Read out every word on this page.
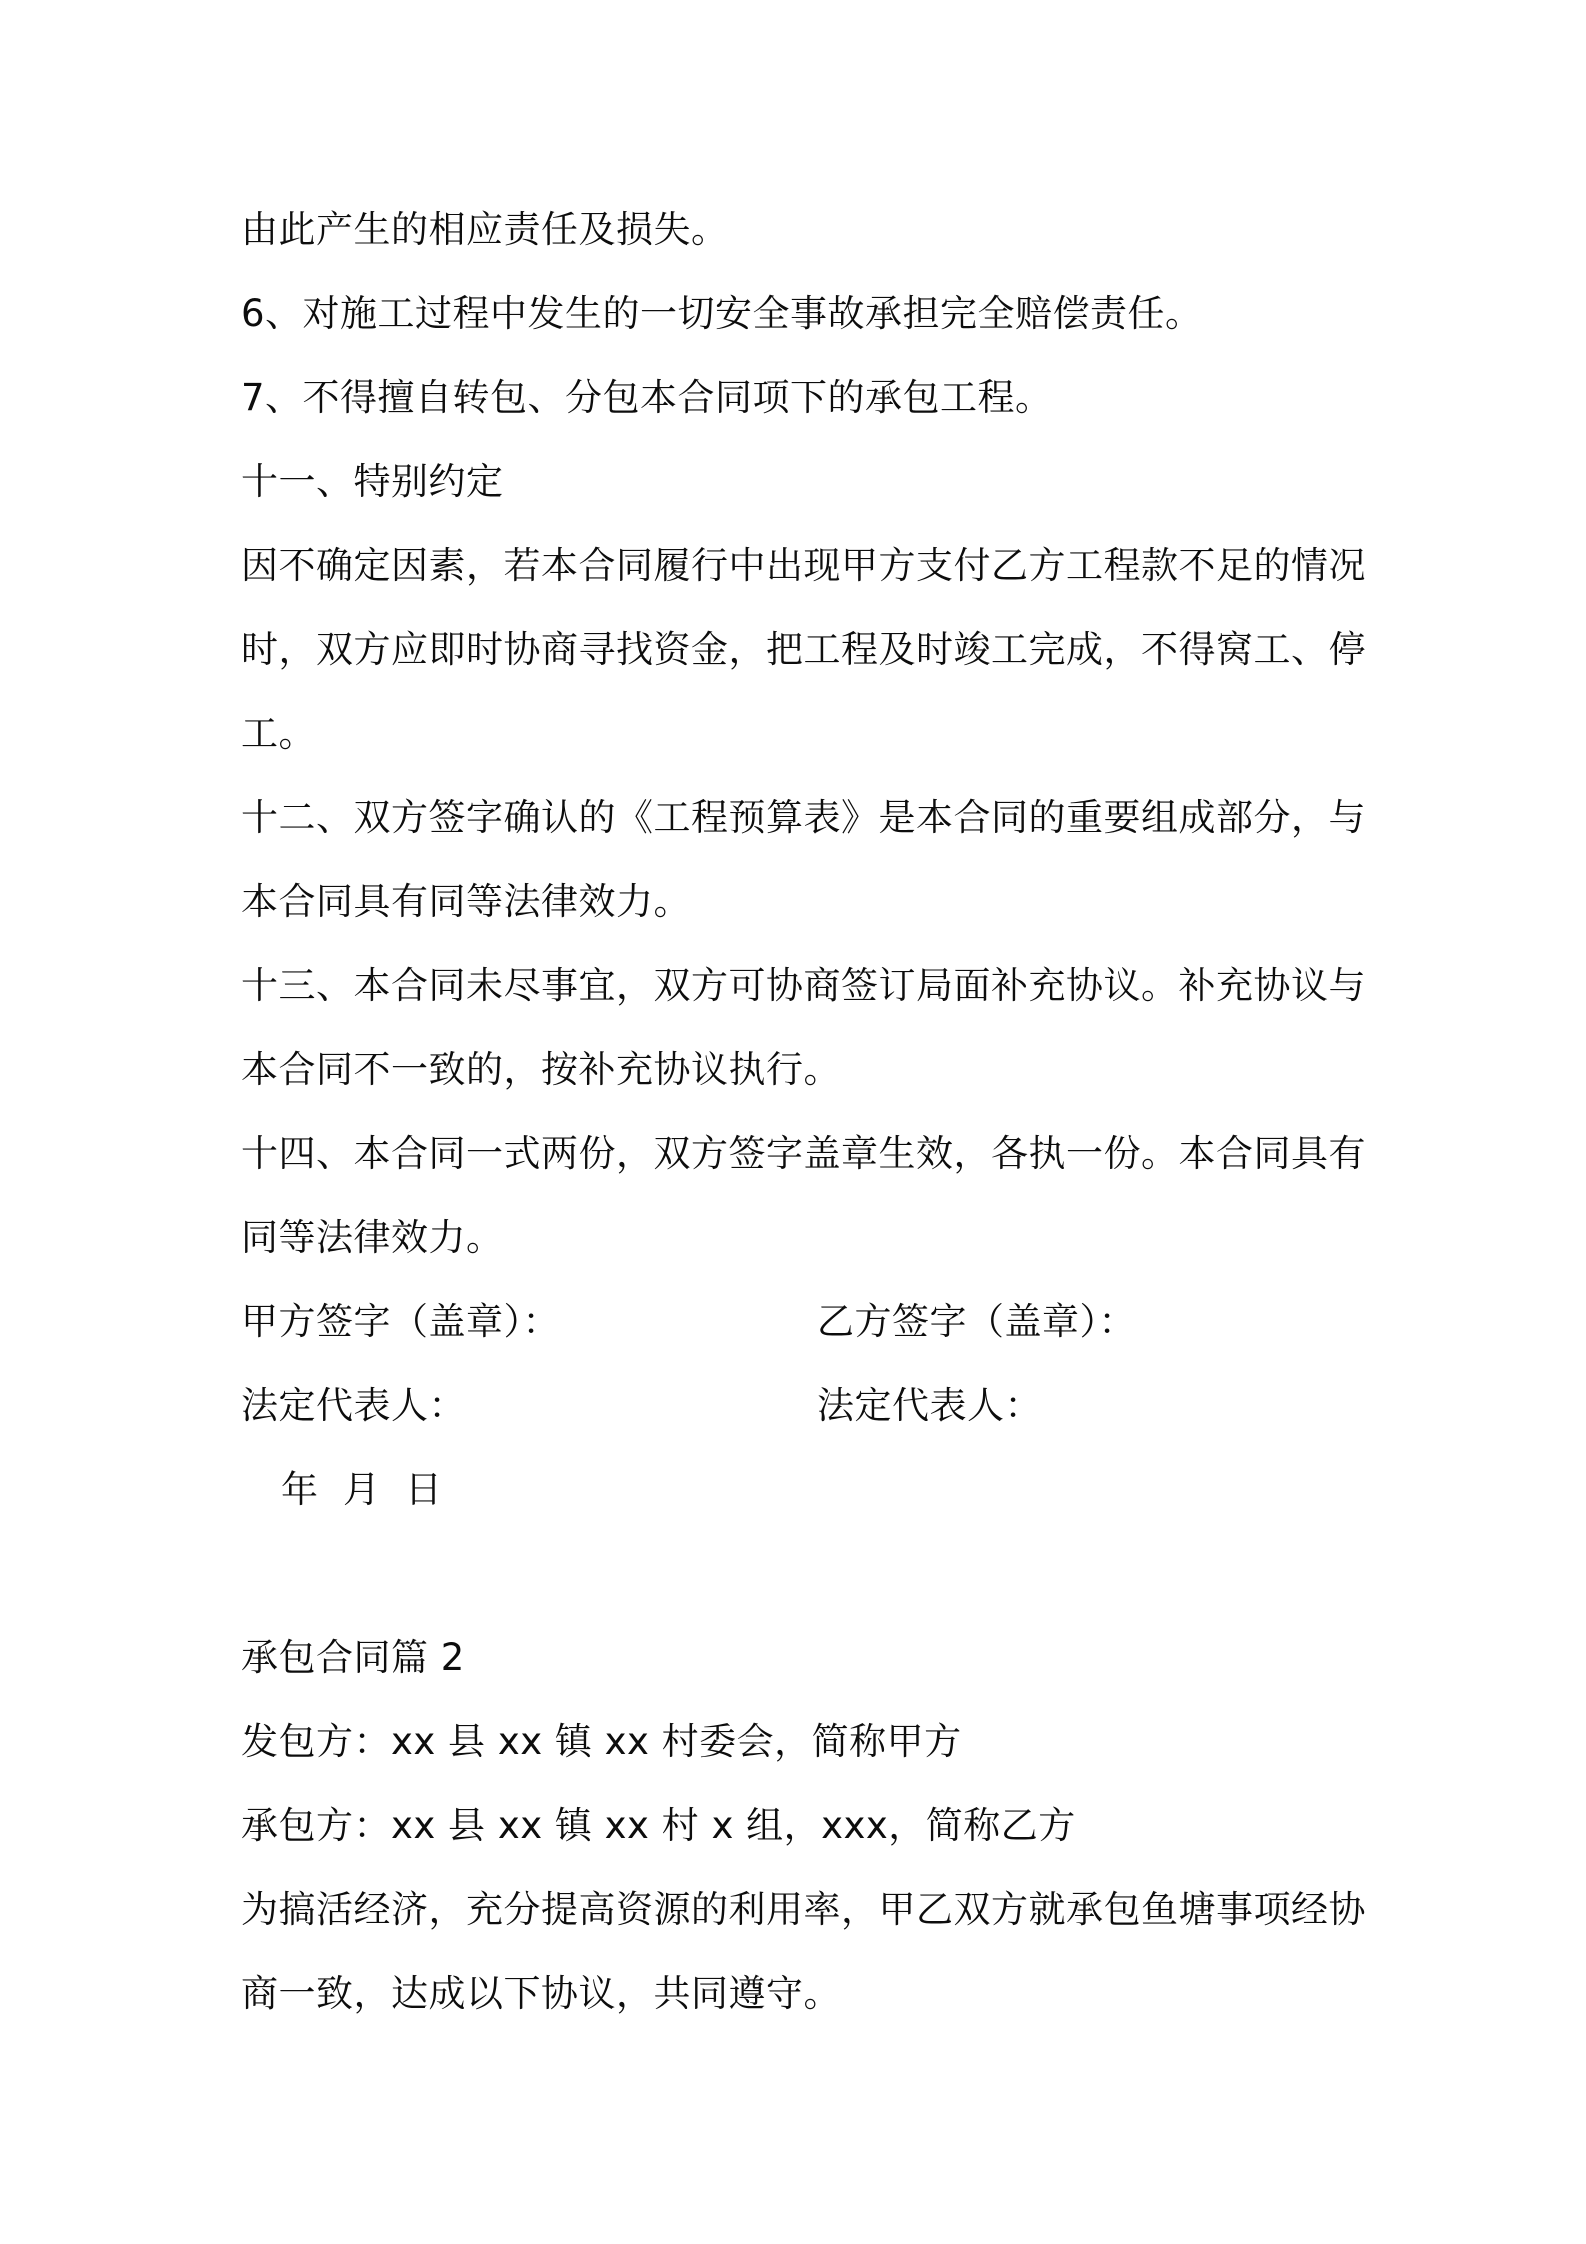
由此产生的相应责任及损失。

6、对施工过程中发生的一切安全事故承担完全赔偿责任。

7、不得擅自转包、分包本合同项下的承包工程。

十一、特别约定

因不确定因素，若本合同履行中出现甲方支付乙方工程款不足的情况

时，双方应即时协商寻找资金，把工程及时竣工完成，不得窝工、停

工。

十二、双方签字确认的《工程预算表》是本合同的重要组成部分，与

本合同具有同等法律效力。

十三、本合同未尽事宜，双方可协商签订局面补充协议。补充协议与

本合同不一致的，按补充协议执行。

十四、本合同一式两份，双方签字盖章生效，各执一份。本合同具有

同等法律效力。

甲方签字（盖章）：	乙方签字（盖章）：

法定代表人：	法定代表人：

年  月  日

承包合同篇 2

发包方：xx 县 xx 镇 xx 村委会，简称甲方

承包方：xx 县 xx 镇 xx 村 x 组，xxx，简称乙方

为搞活经济，充分提高资源的利用率，甲乙双方就承包鱼塘事项经协

商一致，达成以下协议，共同遵守。
